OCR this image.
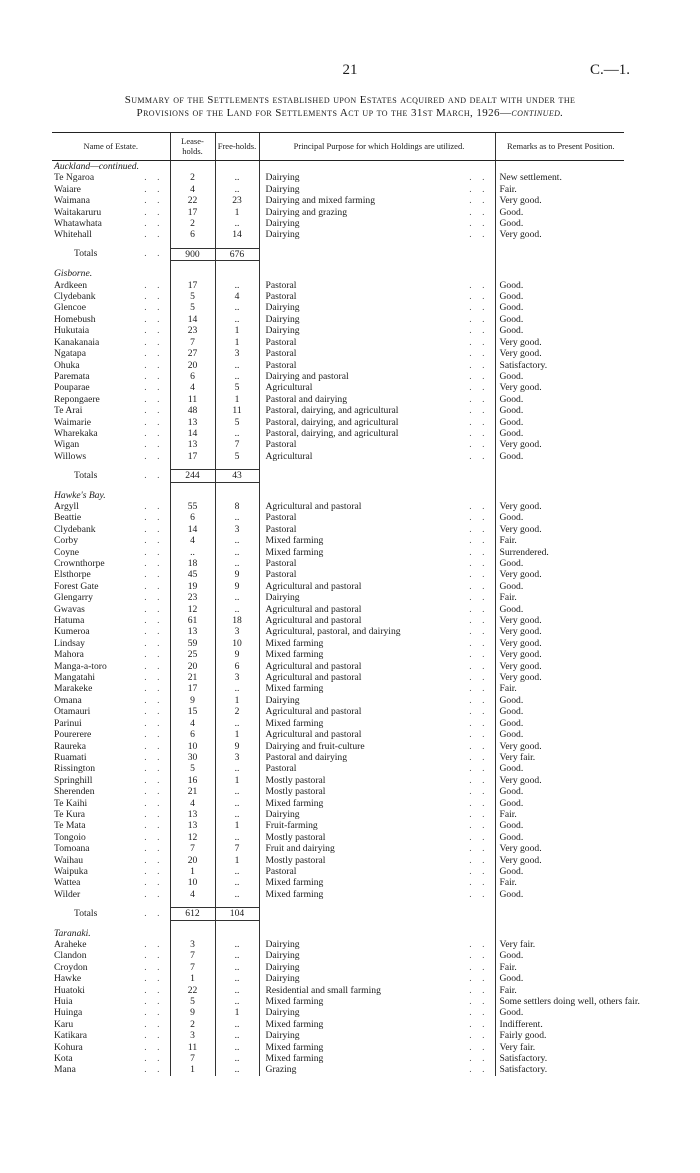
21	C.—1.
Summary of the Settlements established upon Estates acquired and dealt with under the
Provisions of the Land for Settlements Act up to the 31st March, 1926—continued.
Name of Estate.	Lease-holds.	Free-holds.	Principal Purpose for which Holdings are utilized.	Remarks as to Present Position.
Auckland—continued.				
Te Ngaroa . .	2	..	Dairying . .	New settlement.
Waiare . .	4	..	Dairying . .	Fair.
Waimana . .	22	23	Dairying and mixed farming . .	Very good.
Waitakaruru . .	17	1	Dairying and grazing . .	Good.
Whatawhata . .	2	..	Dairying . .	Good.
Whitehall . .	6	14	Dairying . .	Very good.

Totals . .	900	676		

Gisborne.				
Ardkeen . .	17	..	Pastoral . .	Good.
Clydebank . .	5	4	Pastoral . .	Good.
Glencoe . .	5	..	Dairying . .	Good.
Homebush . .	14	..	Dairying . .	Good.
Hukutaia . .	23	1	Dairying . .	Good.
Kanakanaia . .	7	1	Pastoral . .	Very good.
Ngatapa . .	27	3	Pastoral . .	Very good.
Ohuka . .	20	..	Pastoral . .	Satisfactory.
Paremata . .	6	..	Dairying and pastoral . .	Good.
Pouparae . .	4	5	Agricultural . .	Very good.
Repongaere . .	11	1	Pastoral and dairying . .	Good.
Te Arai . .	48	11	Pastoral, dairying, and agricultural . .	Good.
Waimarie . .	13	5	Pastoral, dairying, and agricultural . .	Good.
Wharekaka . .	14	..	Pastoral, dairying, and agricultural . .	Good.
Wigan . .	13	7	Pastoral . .	Very good.
Willows . .	17	5	Agricultural . .	Good.

Totals . .	244	43		

Hawke's Bay.				
Argyll . .	55	8	Agricultural and pastoral . .	Very good.
Beattie . .	6	..	Pastoral . .	Good.
Clydebank . .	14	3	Pastoral . .	Very good.
Corby . .	4	..	Mixed farming . .	Fair.
Coyne . .	..	..	Mixed farming . .	Surrendered.
Crownthorpe . .	18	..	Pastoral . .	Good.
Elsthorpe . .	45	9	Pastoral . .	Very good.
Forest Gate . .	19	9	Agricultural and pastoral . .	Good.
Glengarry . .	23	..	Dairying . .	Fair.
Gwavas . .	12	..	Agricultural and pastoral . .	Good.
Hatuma . .	61	18	Agricultural and pastoral . .	Very good.
Kumeroa . .	13	3	Agricultural, pastoral, and dairying . .	Very good.
Lindsay . .	59	10	Mixed farming . .	Very good.
Mahora . .	25	9	Mixed farming . .	Very good.
Manga-a-toro . .	20	6	Agricultural and pastoral . .	Very good.
Mangatahi . .	21	3	Agricultural and pastoral . .	Very good.
Marakeke . .	17	..	Mixed farming . .	Fair.
Omana . .	9	1	Dairying . .	Good.
Otamauri . .	15	2	Agricultural and pastoral . .	Good.
Parinui . .	4	..	Mixed farming . .	Good.
Pourerere . .	6	1	Agricultural and pastoral . .	Good.
Raureka . .	10	9	Dairying and fruit-culture . .	Very good.
Ruamati . .	30	3	Pastoral and dairying . .	Very fair.
Rissington . .	5	..	Pastoral . .	Good.
Springhill . .	16	1	Mostly pastoral . .	Very good.
Sherenden . .	21	..	Mostly pastoral . .	Good.
Te Kaihi . .	4	..	Mixed farming . .	Good.
Te Kura . .	13	..	Dairying . .	Fair.
Te Mata . .	13	1	Fruit-farming . .	Good.
Tongoio . .	12	..	Mostly pastoral . .	Good.
Tomoana . .	7	7	Fruit and dairying . .	Very good.
Waihau . .	20	1	Mostly pastoral . .	Very good.
Waipuka . .	1	..	Pastoral . .	Good.
Wattea . .	10	..	Mixed farming . .	Fair.
Wilder . .	4	..	Mixed farming . .	Good.

Totals . .	612	104		

Taranaki.				
Araheke . .	3	..	Dairying . .	Very fair.
Clandon . .	7	..	Dairying . .	Good.
Croydon . .	7	..	Dairying . .	Fair.
Hawke . .	1	..	Dairying . .	Good.
Huatoki . .	22	..	Residential and small farming . .	Fair.
Huia . .	5	..	Mixed farming . .	Some settlers doing well, others fair.
Huinga . .	9	1	Dairying . .	Good.
Karu . .	2	..	Mixed farming . .	Indifferent.
Katikara . .	3	..	Dairying . .	Fairly good.
Kohura . .	11	..	Mixed farming . .	Very fair.
Kota . .	7	..	Mixed farming . .	Satisfactory.
Mana . .	1	..	Grazing . .	Satisfactory.
